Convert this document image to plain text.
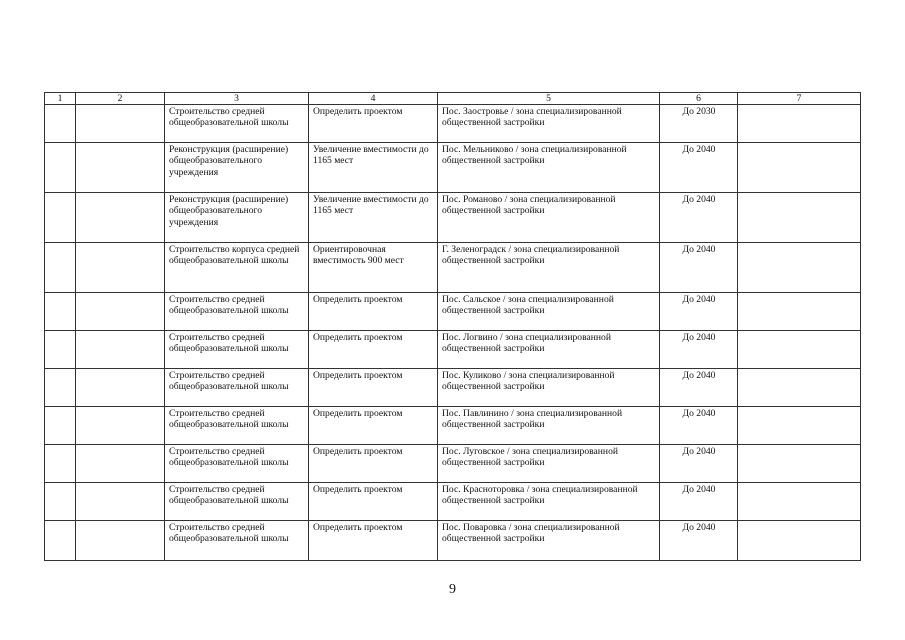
1	2	3	4	5	6	7
		Строительство средней общеобразовательной школы	Определить проектом	Пос. Заостровье / зона специализированной общественной застройки	До 2030	
		Реконструкция (расширение) общеобразовательного учреждения	Увеличение вместимости до 1165 мест	Пос. Мельниково / зона специализированной общественной застройки	До 2040	
		Реконструкция (расширение) общеобразовательного учреждения	Увеличение вместимости до 1165 мест	Пос. Романово / зона специализированной общественной застройки	До 2040	
		Строительство корпуса средней общеобразовательной школы	Ориентировочная вместимость 900 мест	Г. Зеленоградск / зона специализированной общественной застройки	До 2040	
		Строительство средней общеобразовательной школы	Определить проектом	Пос. Сальское / зона специализированной общественной застройки	До 2040	
		Строительство средней общеобразовательной школы	Определить проектом	Пос. Логвино / зона специализированной общественной застройки	До 2040	
		Строительство средней общеобразовательной школы	Определить проектом	Пос. Куликово / зона специализированной общественной застройки	До 2040	
		Строительство средней общеобразовательной школы	Определить проектом	Пос. Павлинино / зона специализированной общественной застройки	До 2040	
		Строительство средней общеобразовательной школы	Определить проектом	Пос. Луговское / зона специализированной общественной застройки	До 2040	
		Строительство средней общеобразовательной школы	Определить проектом	Пос. Красноторовка / зона специализированной общественной застройки	До 2040	
		Строительство средней общеобразовательной школы	Определить проектом	Пос. Поваровка / зона специализированной общественной застройки	До 2040	
9
